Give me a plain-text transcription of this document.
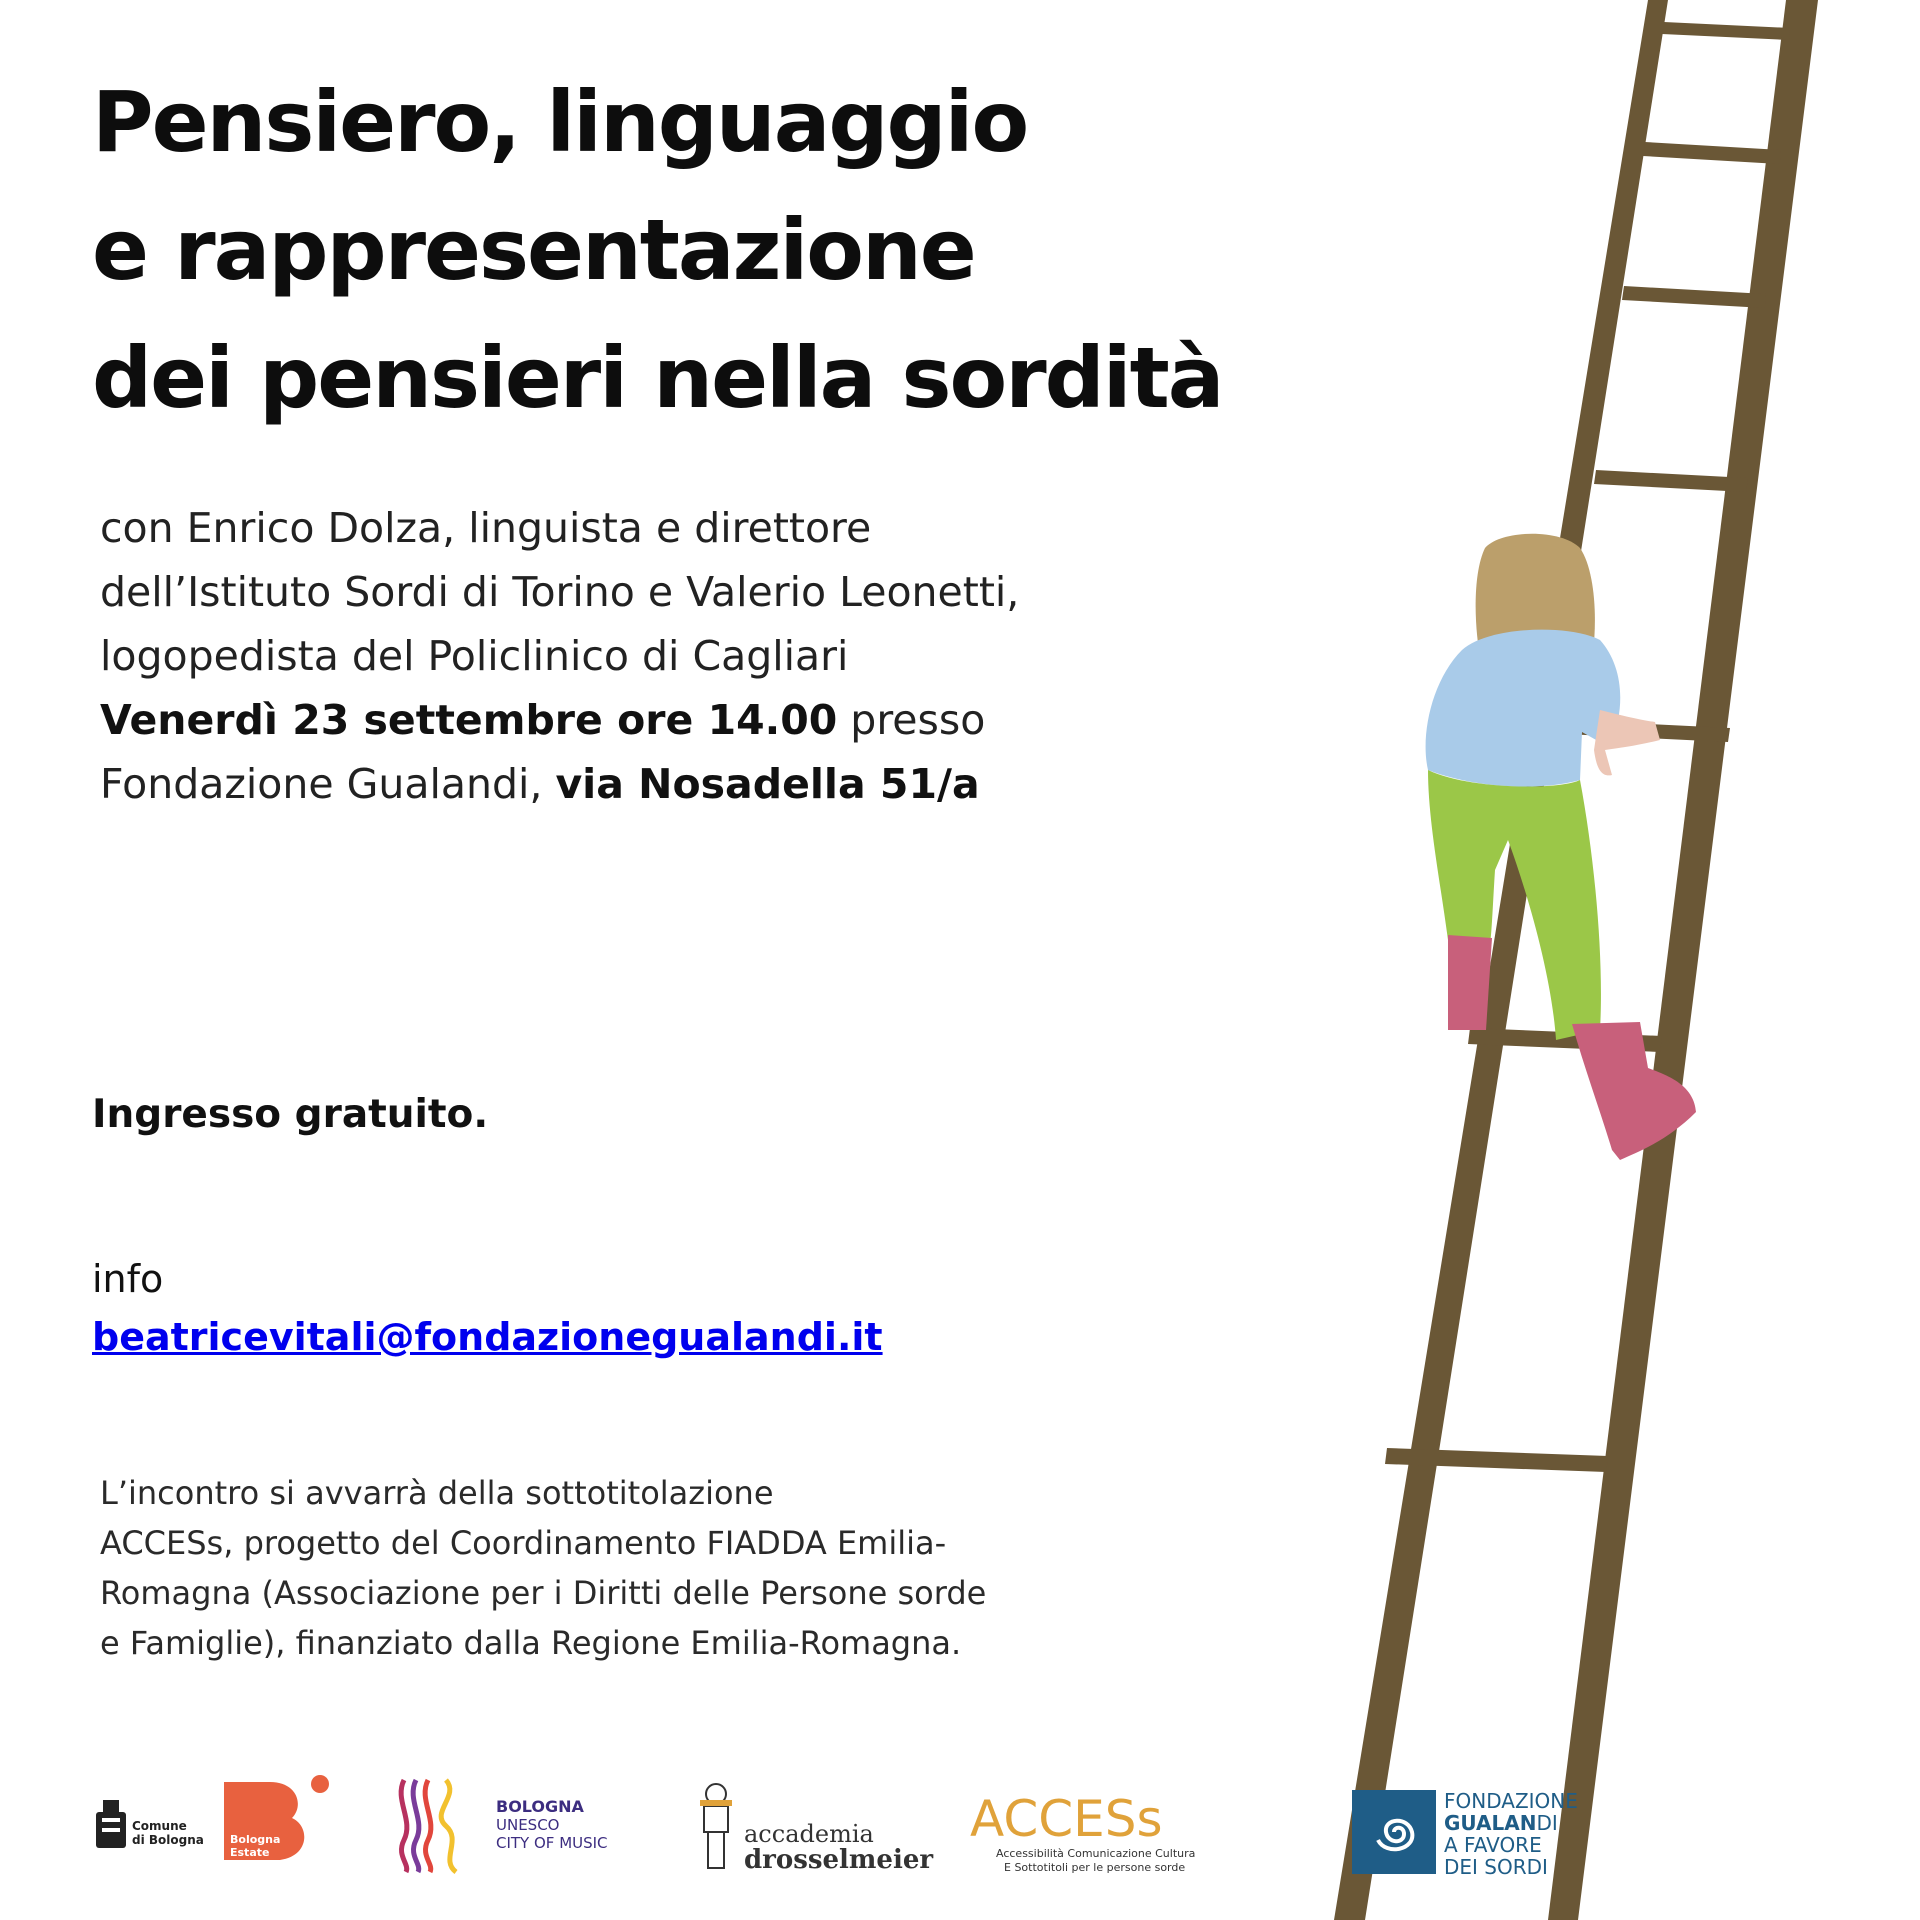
Pensiero, linguaggio
e rappresentazione
dei pensieri nella sordità
con Enrico Dolza, linguista e direttore
dell’Istituto Sordi di Torino e Valerio Leonetti,
logopedista del Policlinico di Cagliari
Venerdì 23 settembre ore 14.00 presso
Fondazione Gualandi, via Nosadella 51/a
Ingresso gratuito.
info
beatricevitali@fondazionegualandi.it
L’incontro si avvarrà della sottotitolazione
ACCESs, progetto del Coordinamento FIADDA Emilia-
Romagna (Associazione per i Diritti delle Persone sorde
e Famiglie), finanziato dalla Regione Emilia-Romagna.
Comune
di Bologna Bologna
Estate
BOLOGNA
UNESCO
CITY OF MUSIC	accademia
drosselmeier
ACCESs
Accessibilità Comunicazione Cultura
E Sottotitoli per le persone sorde
FONDAZIONE
GUALANDI
A FAVORE
DEI SORDI
